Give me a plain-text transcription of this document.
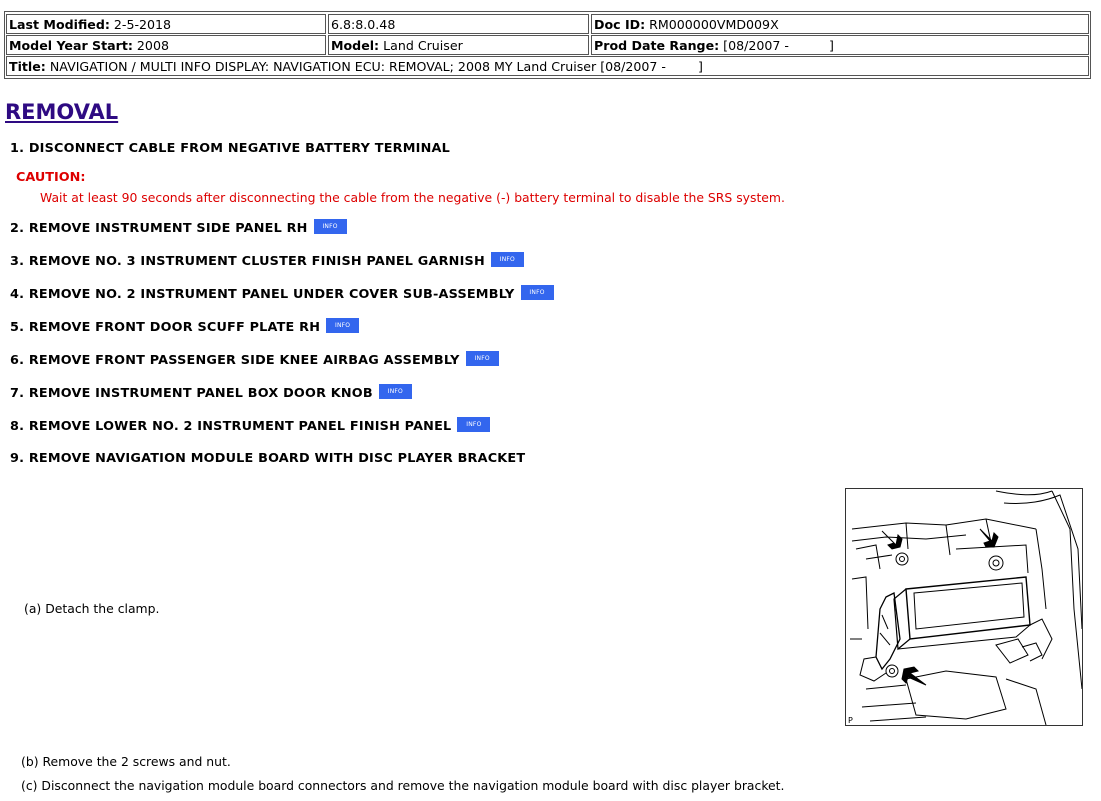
Last Modified: 2-5-2018	6.8:8.0.48	Doc ID: RM000000VMD009X
Model Year Start: 2008	Model: Land Cruiser	Prod Date Range: [08/2007 -          ]
Title: NAVIGATION / MULTI INFO DISPLAY: NAVIGATION ECU: REMOVAL; 2008 MY Land Cruiser [08/2007 -        ]
REMOVAL
1. DISCONNECT CABLE FROM NEGATIVE BATTERY TERMINAL
CAUTION:
Wait at least 90 seconds after disconnecting the cable from the negative (-) battery terminal to disable the SRS system.
2. REMOVE INSTRUMENT SIDE PANEL RH INFO
3. REMOVE NO. 3 INSTRUMENT CLUSTER FINISH PANEL GARNISH INFO
4. REMOVE NO. 2 INSTRUMENT PANEL UNDER COVER SUB-ASSEMBLY INFO
5. REMOVE FRONT DOOR SCUFF PLATE RH INFO
6. REMOVE FRONT PASSENGER SIDE KNEE AIRBAG ASSEMBLY INFO
7. REMOVE INSTRUMENT PANEL BOX DOOR KNOB INFO
8. REMOVE LOWER NO. 2 INSTRUMENT PANEL FINISH PANEL INFO
9. REMOVE NAVIGATION MODULE BOARD WITH DISC PLAYER BRACKET
(a) Detach the clamp.
(b) Remove the 2 screws and nut.
(c) Disconnect the navigation module board connectors and remove the navigation module board with disc player bracket.
P
